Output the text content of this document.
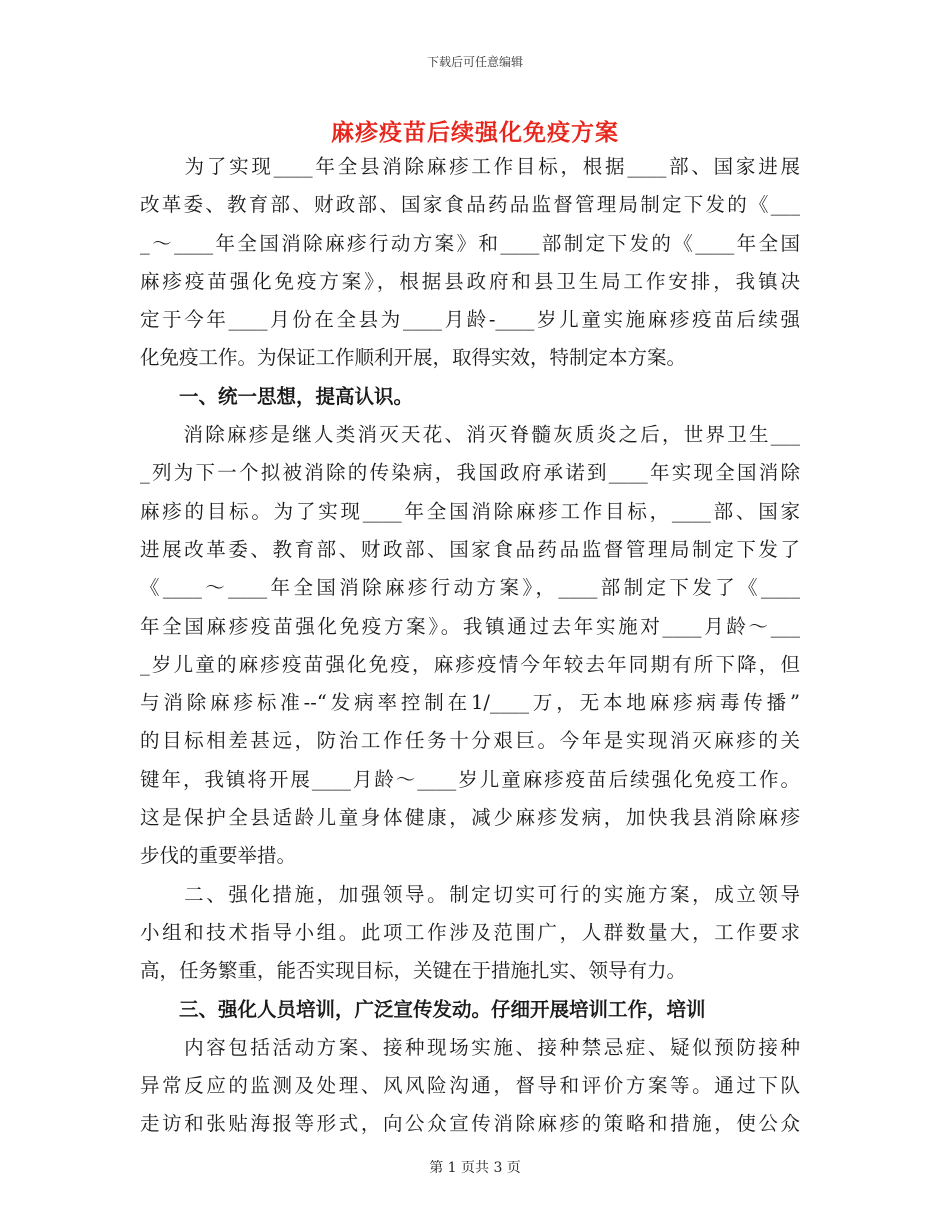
下载后可任意编辑
麻疹疫苗后续强化免疫方案
　　为了实现____年全县消除麻疹工作目标，根据____部、国家进展
改革委、教育部、财政部、国家食品药品监督管理局制定下发的《___
_～____年全国消除麻疹行动方案》和____部制定下发的《____年全国
麻疹疫苗强化免疫方案》，根据县政府和县卫生局工作安排，我镇决
定于今年____月份在全县为____月龄-____岁儿童实施麻疹疫苗后续强
化免疫工作。为保证工作顺利开展，取得实效，特制定本方案。
　　一、统一思想，提高认识。
　　消除麻疹是继人类消灭天花、消灭脊髓灰质炎之后，世界卫生___
_列为下一个拟被消除的传染病，我国政府承诺到____年实现全国消除
麻疹的目标。为了实现____年全国消除麻疹工作目标，____部、国家
进展改革委、教育部、财政部、国家食品药品监督管理局制定下发了
《____～____年全国消除麻疹行动方案》，____部制定下发了《____
年全国麻疹疫苗强化免疫方案》。我镇通过去年实施对____月龄～___
_岁儿童的麻疹疫苗强化免疫，麻疹疫情今年较去年同期有所下降，但
与消除麻疹标准--“发病率控制在1/____万，无本地麻疹病毒传播”
的目标相差甚远，防治工作任务十分艰巨。今年是实现消灭麻疹的关
键年，我镇将开展____月龄～____岁儿童麻疹疫苗后续强化免疫工作。
这是保护全县适龄儿童身体健康，减少麻疹发病，加快我县消除麻疹
步伐的重要举措。
　　二、强化措施，加强领导。制定切实可行的实施方案，成立领导
小组和技术指导小组。此项工作涉及范围广，人群数量大，工作要求
高，任务繁重，能否实现目标，关键在于措施扎实、领导有力。
　　三、强化人员培训，广泛宣传发动。仔细开展培训工作，培训
　　内容包括活动方案、接种现场实施、接种禁忌症、疑似预防接种
异常反应的监测及处理、风风险沟通，督导和评价方案等。通过下队
走访和张贴海报等形式，向公众宣传消除麻疹的策略和措施，使公众
第 1 页共 3 页
